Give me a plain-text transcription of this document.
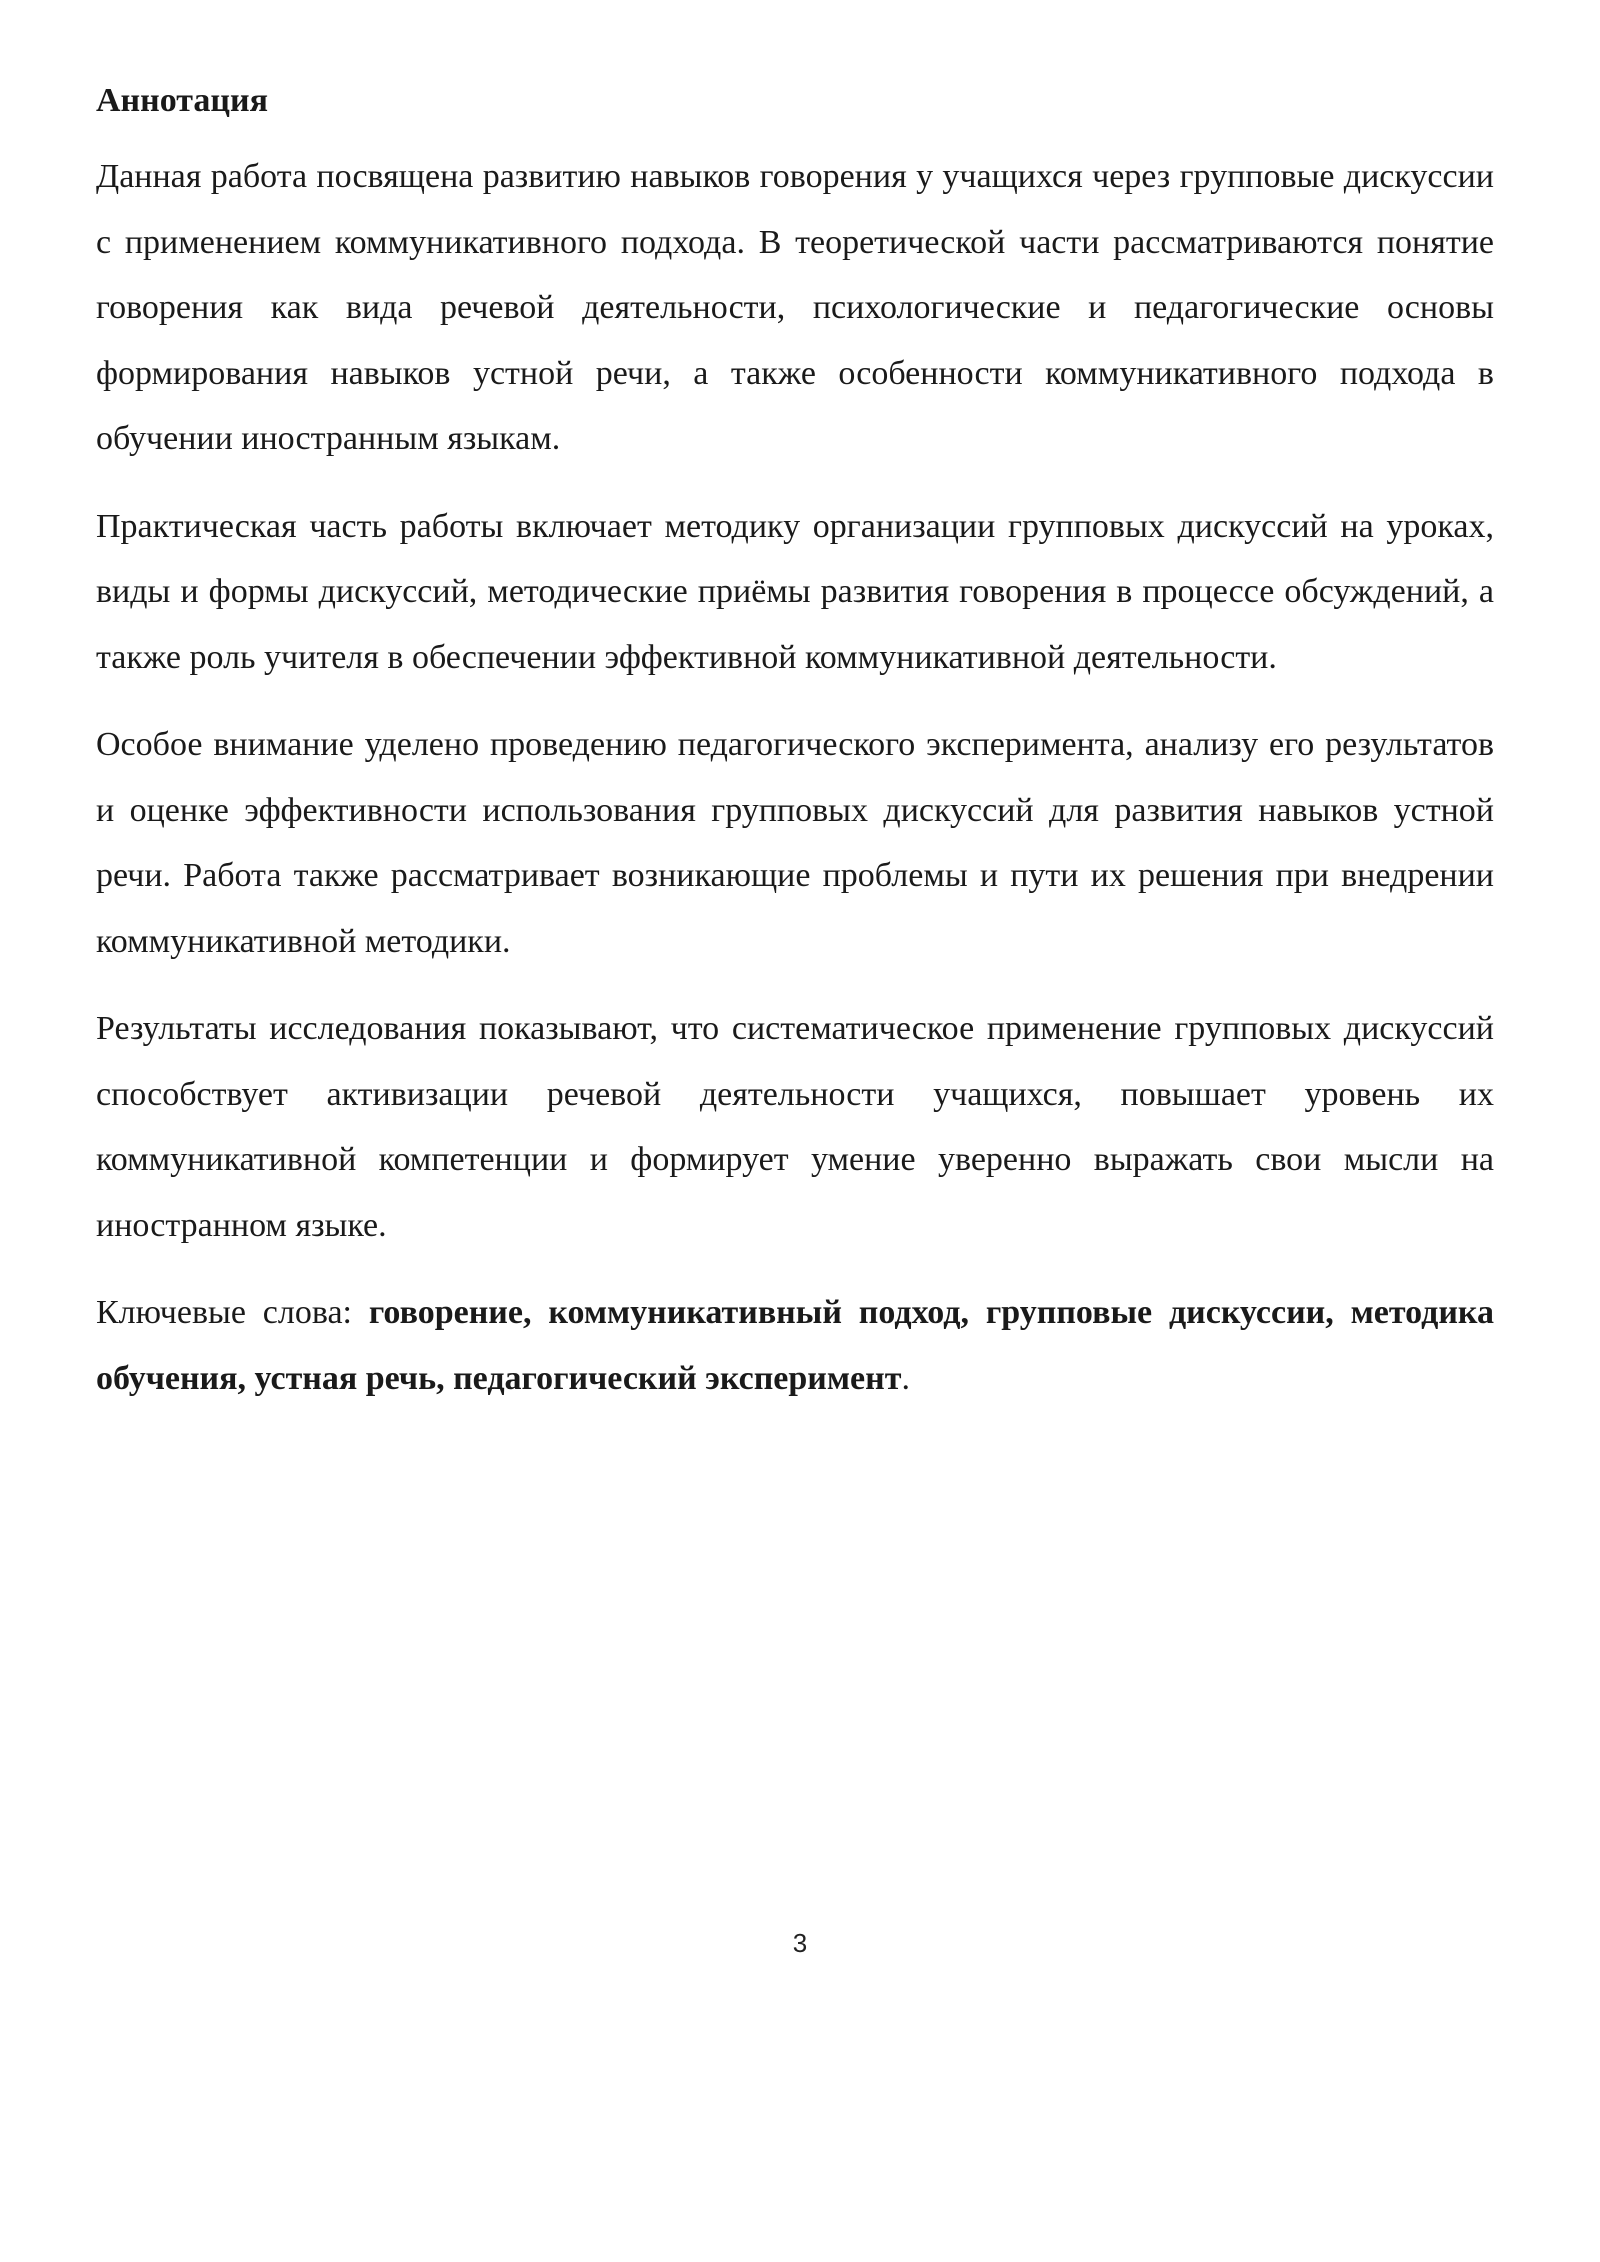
Аннотация

Данная работа посвящена развитию навыков говорения у учащихся через групповые дискуссии с применением коммуникативного подхода. В теоретической части рассматриваются понятие говорения как вида речевой деятельности, психологические и педагогические основы формирования навыков устной речи, а также особенности коммуникативного подхода в обучении иностранным языкам.

Практическая часть работы включает методику организации групповых дискуссий на уроках, виды и формы дискуссий, методические приёмы развития говорения в процессе обсуждений, а также роль учителя в обеспечении эффективной коммуникативной деятельности.

Особое внимание уделено проведению педагогического эксперимента, анализу его результатов и оценке эффективности использования групповых дискуссий для развития навыков устной речи. Работа также рассматривает возникающие проблемы и пути их решения при внедрении коммуникативной методики.

Результаты исследования показывают, что систематическое применение групповых дискуссий способствует активизации речевой деятельности учащихся, повышает уровень их коммуникативной компетенции и формирует умение уверенно выражать свои мысли на иностранном языке.

Ключевые слова: говорение, коммуникативный подход, групповые дискуссии, методика обучения, устная речь, педагогический эксперимент.

3
